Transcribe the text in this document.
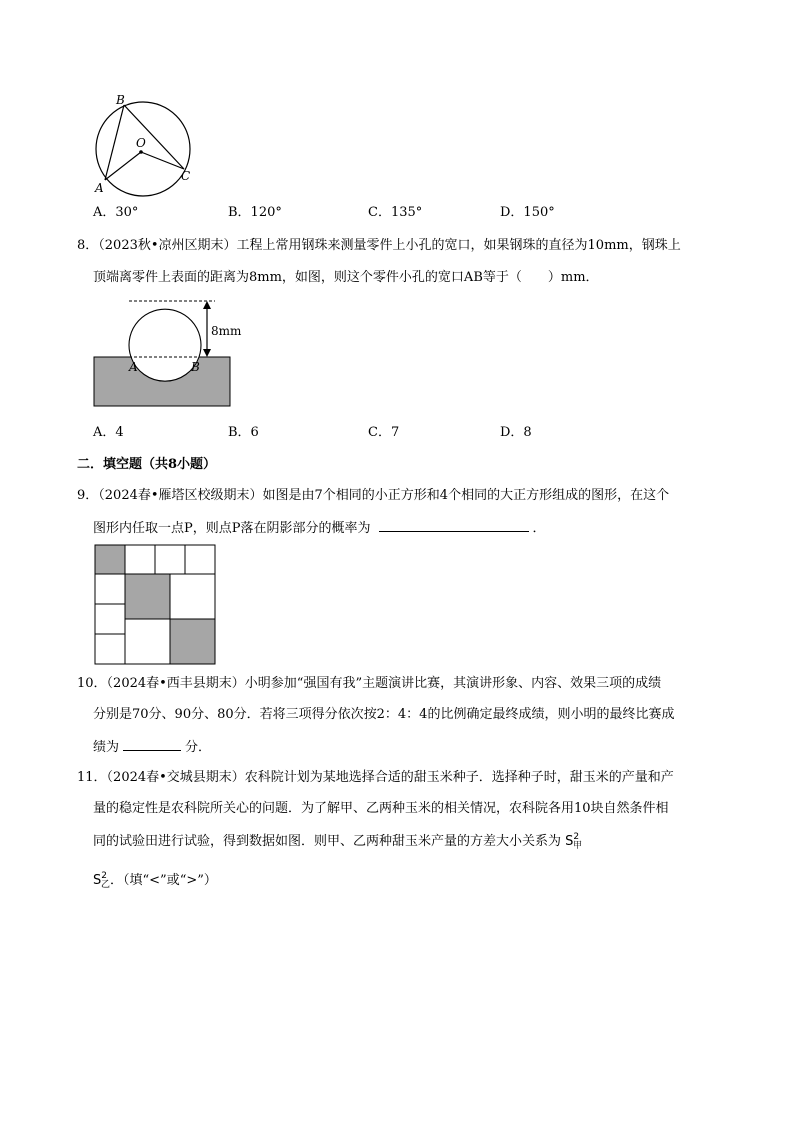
B
O
A
C
A．30°	B．120°	C．135°	D．150°
8．（2023秋•凉州区期末）工程上常用钢珠来测量零件上小孔的宽口，如果钢珠的直径为10mm，钢珠上
顶端离零件上表面的距离为8mm，如图，则这个零件小孔的宽口AB等于（　　）mm．
8mm
A	B
A．4	B．6	C．7	D．8
二．填空题（共8小题）
9．（2024春•雁塔区校级期末）如图是由7个相同的小正方形和4个相同的大正方形组成的图形，在这个
图形内任取一点P，则点P落在阴影部分的概率为	．
10．（2024春•西丰县期末）小明参加“强国有我”主题演讲比赛，其演讲形象、内容、效果三项的成绩
分别是70分、90分、80分．若将三项得分依次按2：4：4的比例确定最终成绩，则小明的最终比赛成
绩为	分．
11．（2024春•交城县期末）农科院计划为某地选择合适的甜玉米种子．选择种子时，甜玉米的产量和产
量的稳定性是农科院所关心的问题．为了解甲、乙两种玉米的相关情况，农科院各用10块自然条件相
同的试验田进行试验，得到数据如图．则甲、乙两种甜玉米产量的方差大小关系为 $S^2_甲$
$S^2_乙$．（填“<”或“>”）
